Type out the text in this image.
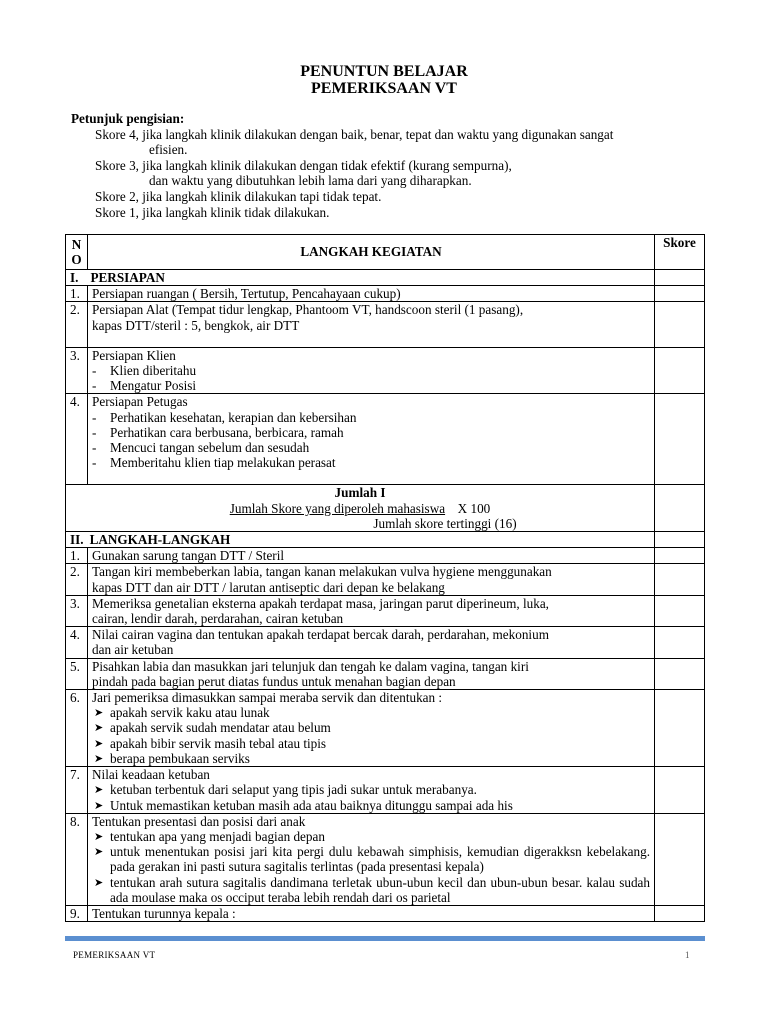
PENUNTUN BELAJAR
PEMERIKSAAN VT
Petunjuk pengisian:
Skore 4, jika langkah klinik dilakukan dengan baik, benar, tepat dan waktu yang digunakan sangat
efisien.
Skore 3, jika langkah klinik dilakukan dengan tidak efektif (kurang sempurna),
dan waktu yang dibutuhkan lebih lama dari yang diharapkan.
Skore 2, jika langkah klinik dilakukan tapi tidak tepat.
Skore 1, jika langkah klinik tidak dilakukan.
N
O	LANGKAH KEGIATAN	Skore
I. PERSIAPAN		
1.	Persiapan ruangan ( Bersih, Tertutup, Pencahayaan cukup)	
2.	Persiapan Alat (Tempat tidur lengkap, Phantoom VT, handscoon steril (1 pasang),
kapas DTT/steril : 5, bengkok, air DTT	

3.	Persiapan Klien
- Klien diberitahu
- Mengatur Posisi

4.	Persiapan Petugas
- Perhatikan kesehatan, kerapian dan kebersihan
- Perhatikan cara berbusana, berbicara, ramah
- Mencuci tangan sebelum dan sesudah
- Memberitahu klien tiap melakukan perasat

Jumlah I
Jumlah Skore yang diperoleh mahasiswa X 100
Jumlah skore tertinggi (16)		

II. LANGKAH-LANGKAH		
1.	Gunakan sarung tangan DTT / Steril	
2.	Tangan kiri membeberkan labia, tangan kanan melakukan vulva hygiene menggunakan
kapas DTT dan air DTT / larutan antiseptic dari depan ke belakang	

3.	Memeriksa genetalian eksterna apakah terdapat masa, jaringan parut diperineum, luka,
cairan, lendir darah, perdarahan, cairan ketuban	

4.	Nilai cairan vagina dan tentukan apakah terdapat bercak darah, perdarahan, mekonium
dan air ketuban	

5.	Pisahkan labia dan masukkan jari telunjuk dan tengah ke dalam vagina, tangan kiri
pindah pada bagian perut diatas fundus untuk menahan bagian depan	

6.	Jari pemeriksa dimasukkan sampai meraba servik dan ditentukan :
➤ apakah servik kaku atau lunak
➤ apakah servik sudah mendatar atau belum
➤ apakah bibir servik masih tebal atau tipis
➤ berapa pembukaan serviks

7.	Nilai keadaan ketuban
➤ ketuban terbentuk dari selaput yang tipis jadi sukar untuk merabanya.
➤ Untuk memastikan ketuban masih ada atau baiknya ditunggu sampai ada his

8.	Tentukan presentasi dan posisi dari anak
➤ tentukan apa yang menjadi bagian depan
➤ untuk menentukan posisi jari kita pergi dulu kebawah simphisis, kemudian digerakksn kebelakang. pada gerakan ini pasti sutura sagitalis terlintas (pada presentasi kepala)
➤ tentukan arah sutura sagitalis dandimana terletak ubun-ubun kecil dan ubun-ubun besar. kalau sudah ada moulase maka os occiput teraba lebih rendah dari os parietal

9.	Tentukan turunnya kepala :	
PEMERIKSAAN VT	1
